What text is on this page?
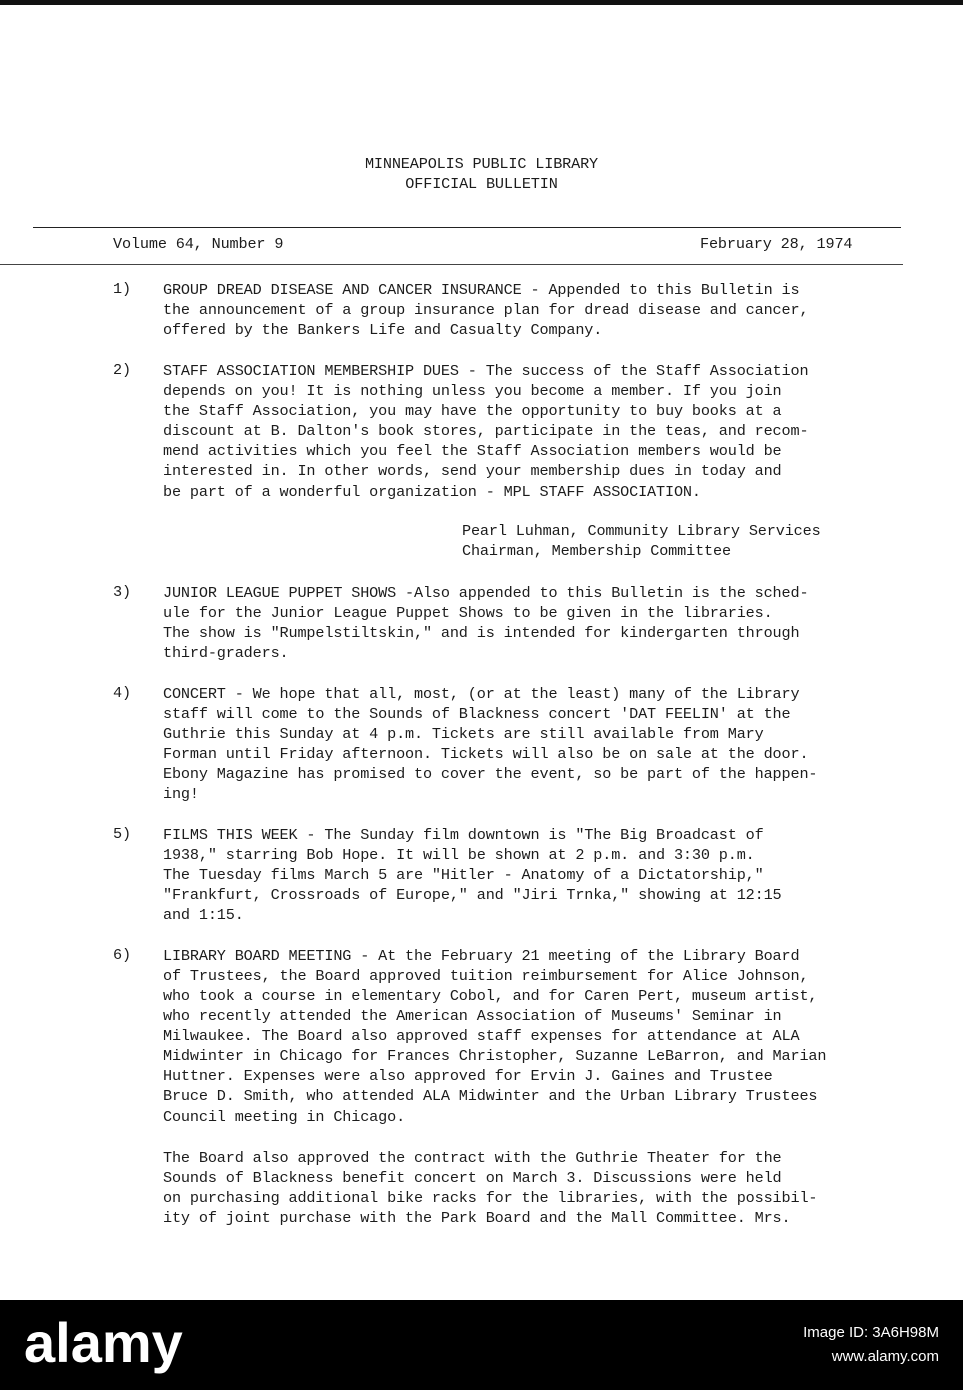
MINNEAPOLIS PUBLIC LIBRARY
OFFICIAL BULLETIN
Volume 64, Number 9	February 28, 1974
1) GROUP DREAD DISEASE AND CANCER INSURANCE - Appended to this Bulletin is
the announcement of a group insurance plan for dread disease and cancer,
offered by the Bankers Life and Casualty Company.
2) STAFF ASSOCIATION MEMBERSHIP DUES - The success of the Staff Association
depends on you! It is nothing unless you become a member. If you join
the Staff Association, you may have the opportunity to buy books at a
discount at B. Dalton's book stores, participate in the teas, and recom-
mend activities which you feel the Staff Association members would be
interested in. In other words, send your membership dues in today and
be part of a wonderful organization - MPL STAFF ASSOCIATION.
Pearl Luhman, Community Library Services
Chairman, Membership Committee
3) JUNIOR LEAGUE PUPPET SHOWS -Also appended to this Bulletin is the sched-
ule for the Junior League Puppet Shows to be given in the libraries.
The show is "Rumpelstiltskin," and is intended for kindergarten through
third-graders.
4) CONCERT - We hope that all, most, (or at the least) many of the Library
staff will come to the Sounds of Blackness concert 'DAT FEELIN' at the
Guthrie this Sunday at 4 p.m. Tickets are still available from Mary
Forman until Friday afternoon. Tickets will also be on sale at the door.
Ebony Magazine has promised to cover the event, so be part of the happen-
ing!
5) FILMS THIS WEEK - The Sunday film downtown is "The Big Broadcast of
1938," starring Bob Hope. It will be shown at 2 p.m. and 3:30 p.m.
The Tuesday films March 5 are "Hitler - Anatomy of a Dictatorship,"
"Frankfurt, Crossroads of Europe," and "Jiri Trnka," showing at 12:15
and 1:15.
6) LIBRARY BOARD MEETING - At the February 21 meeting of the Library Board
of Trustees, the Board approved tuition reimbursement for Alice Johnson,
who took a course in elementary Cobol, and for Caren Pert, museum artist,
who recently attended the American Association of Museums' Seminar in
Milwaukee. The Board also approved staff expenses for attendance at ALA
Midwinter in Chicago for Frances Christopher, Suzanne LeBarron, and Marian
Huttner. Expenses were also approved for Ervin J. Gaines and Trustee
Bruce D. Smith, who attended ALA Midwinter and the Urban Library Trustees
Council meeting in Chicago.
The Board also approved the contract with the Guthrie Theater for the
Sounds of Blackness benefit concert on March 3. Discussions were held
on purchasing additional bike racks for the libraries, with the possibil-
ity of joint purchase with the Park Board and the Mall Committee. Mrs.
alamy	Image ID: 3A6H98M
www.alamy.com
